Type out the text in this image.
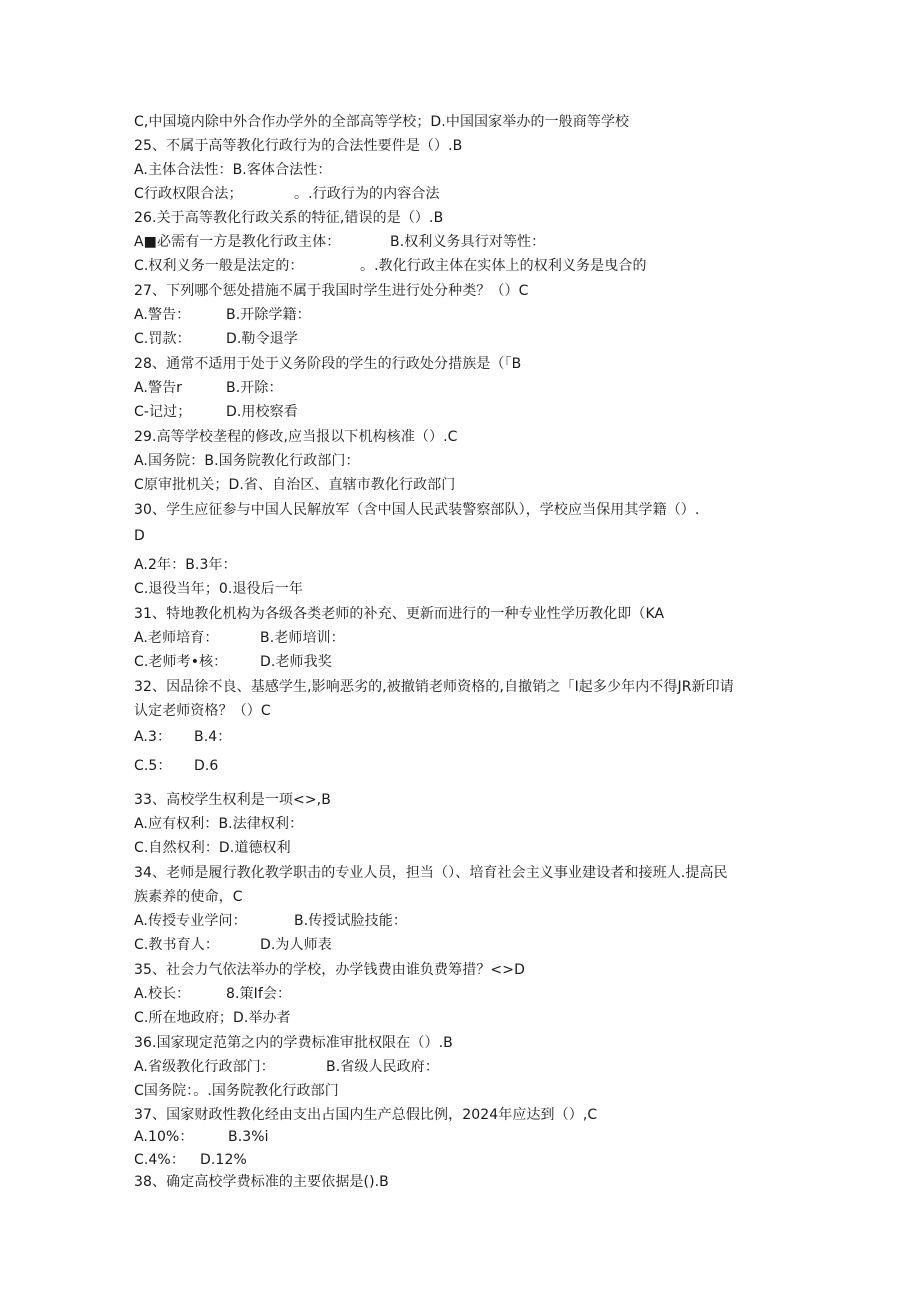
C,中国境内除中外合作办学外的全部高等学校；D.中国国家举办的一般商等学校
25、不属于高等教化行政行为的合法性要件是（）.B
A.主体合法性：B.客体合法性：
C行政权限合法；	。.行政行为的内容合法
26.关于高等教化行政关系的特征,错误的是（）.B
A■必需有一方是教化行政主体：	B.权利义务具行对等性：
C.权利义务一般是法定的：	。.教化行政主体在实体上的权利义务是曳合的
27、下列哪个惩处措施不属于我国时学生进行处分种类？（）C
A.警告：	B.开除学籍：
C.罚款：	D.勒令退学
28、通常不适用于处于义务阶段的学生的行政处分措族是（「B
A.警告r	B.开除：
C-记过； D.用校察看
29.高等学校垄程的修改,应当报以下机构核准（）.C
A.国务院：B.国务院教化行政部门：
C原审批机关；D.省、自治区、直辖市教化行政部门
30、学生应征参与中国人民解放军（含中国人民武装警察部队），学校应当保用其学籍（）.
D
A.2年：B.3年：
C.退役当年；0.退役后一年
31、特地教化机构为各级各类老师的补充、更新而进行的一种专业性学历教化即（KA
A.老师培育：	B.老师培训：
C.老师考•核： D.老师我奖
32、因品徐不良、基感学生,影响恶劣的,被撤销老师资格的,自撤销之「I起多少年内不得JR新印请
认定老师资格？（）C
A.3： B.4：
C.5： D.6
33、高校学生权利是一项<>,B
A.应有权利：B.法律权利：
C.自然权利：D.道德权利
34、老师是履行教化教学职击的专业人员，担当（）、培育社会主义事业建设者和接班人.提高民
族素养的使命，C
A.传授专业学问：	B.传授试脸技能：
C.教书育人：	D.为人师表
35、社会力气依法举办的学校，办学钱费由谁负费筹措？<>D
A.校长：	8.策If会：
C.所在地政府；D.举办者
36.国家现定范第之内的学费标准审批权限在（）.B
A.省级教化行政部门：	B.省级人民政府：
C国务院：。.国务院教化行政部门
37、国家财政性教化经由支出占国内生产总假比例，2024年应达到（）,C
A.10%： B.3%i
C.4%： D.12%
38、确定高校学费标准的主要依据是().B
